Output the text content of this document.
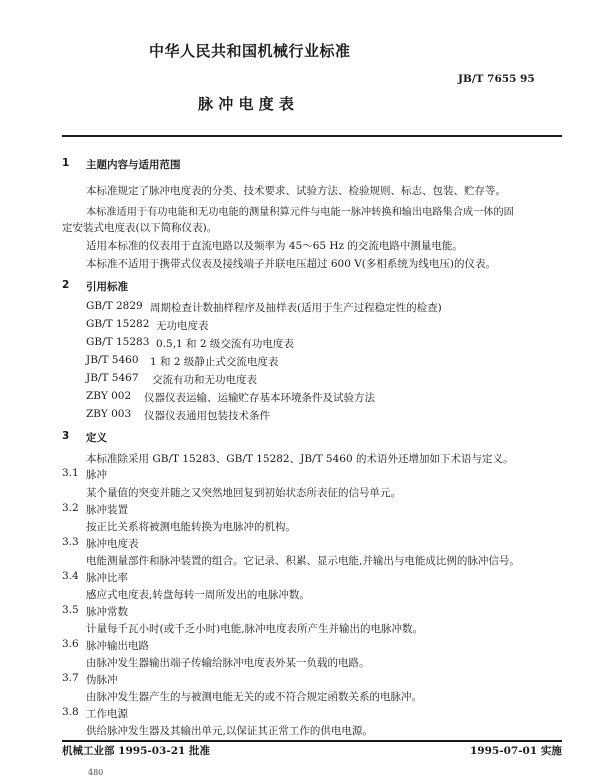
中华人民共和国机械行业标准
JB/T 7655 95
脉 冲 电 度 表
1 主题内容与适用范围
本标准规定了脉冲电度表的分类、技术要求、试验方法、检验规则、标志、包装、贮存等。
本标准适用于有功电能和无功电能的测量积算元件与电能一脉冲转换和输出电路集合成一体的固
定安装式电度表(以下简称仪表)。
适用本标准的仪表用于直流电路以及频率为 45～65 Hz 的交流电路中测量电能。
本标准不适用于携带式仪表及接线端子并联电压超过 600 V(多相系统为线电压)的仪表。
2 引用标准
GB/T 2829 周期检查计数抽样程序及抽样表(适用于生产过程稳定性的检查)
GB/T 15282 无功电度表
GB/T 15283 0.5,1 和 2 级交流有功电度表
JB/T 5460 1 和 2 级静止式交流电度表
JB/T 5467 交流有功和无功电度表
ZBY 002 仪器仪表运输、运输贮存基本环境条件及试验方法
ZBY 003 仪器仪表通用包装技术条件
3 定义
本标准除采用 GB/T 15283、GB/T 15282、JB/T 5460 的术语外还增加如下术语与定义。
3.1 脉冲
某个量值的突变并随之又突然地回复到初始状态所表征的信号单元。
3.2 脉冲装置
按正比关系将被测电能转换为电脉冲的机构。
3.3 脉冲电度表
电能测量部件和脉冲装置的组合。它记录、积累、显示电能,并输出与电能成比例的脉冲信号。
3.4 脉冲比率
感应式电度表,转盘每转一周所发出的电脉冲数。
3.5 脉冲常数
计量每千瓦小时(或千乏小时)电能,脉冲电度表所产生并输出的电脉冲数。
3.6 脉冲输出电路
由脉冲发生器输出端子传输给脉冲电度表外某一负载的电路。
3.7 伪脉冲
由脉冲发生器产生的与被测电能无关的或不符合规定函数关系的电脉冲。
3.8 工作电源
供给脉冲发生器及其输出单元,以保证其正常工作的供电电源。
机械工业部 1995-03-21 批准	1995-07-01 实施
480
